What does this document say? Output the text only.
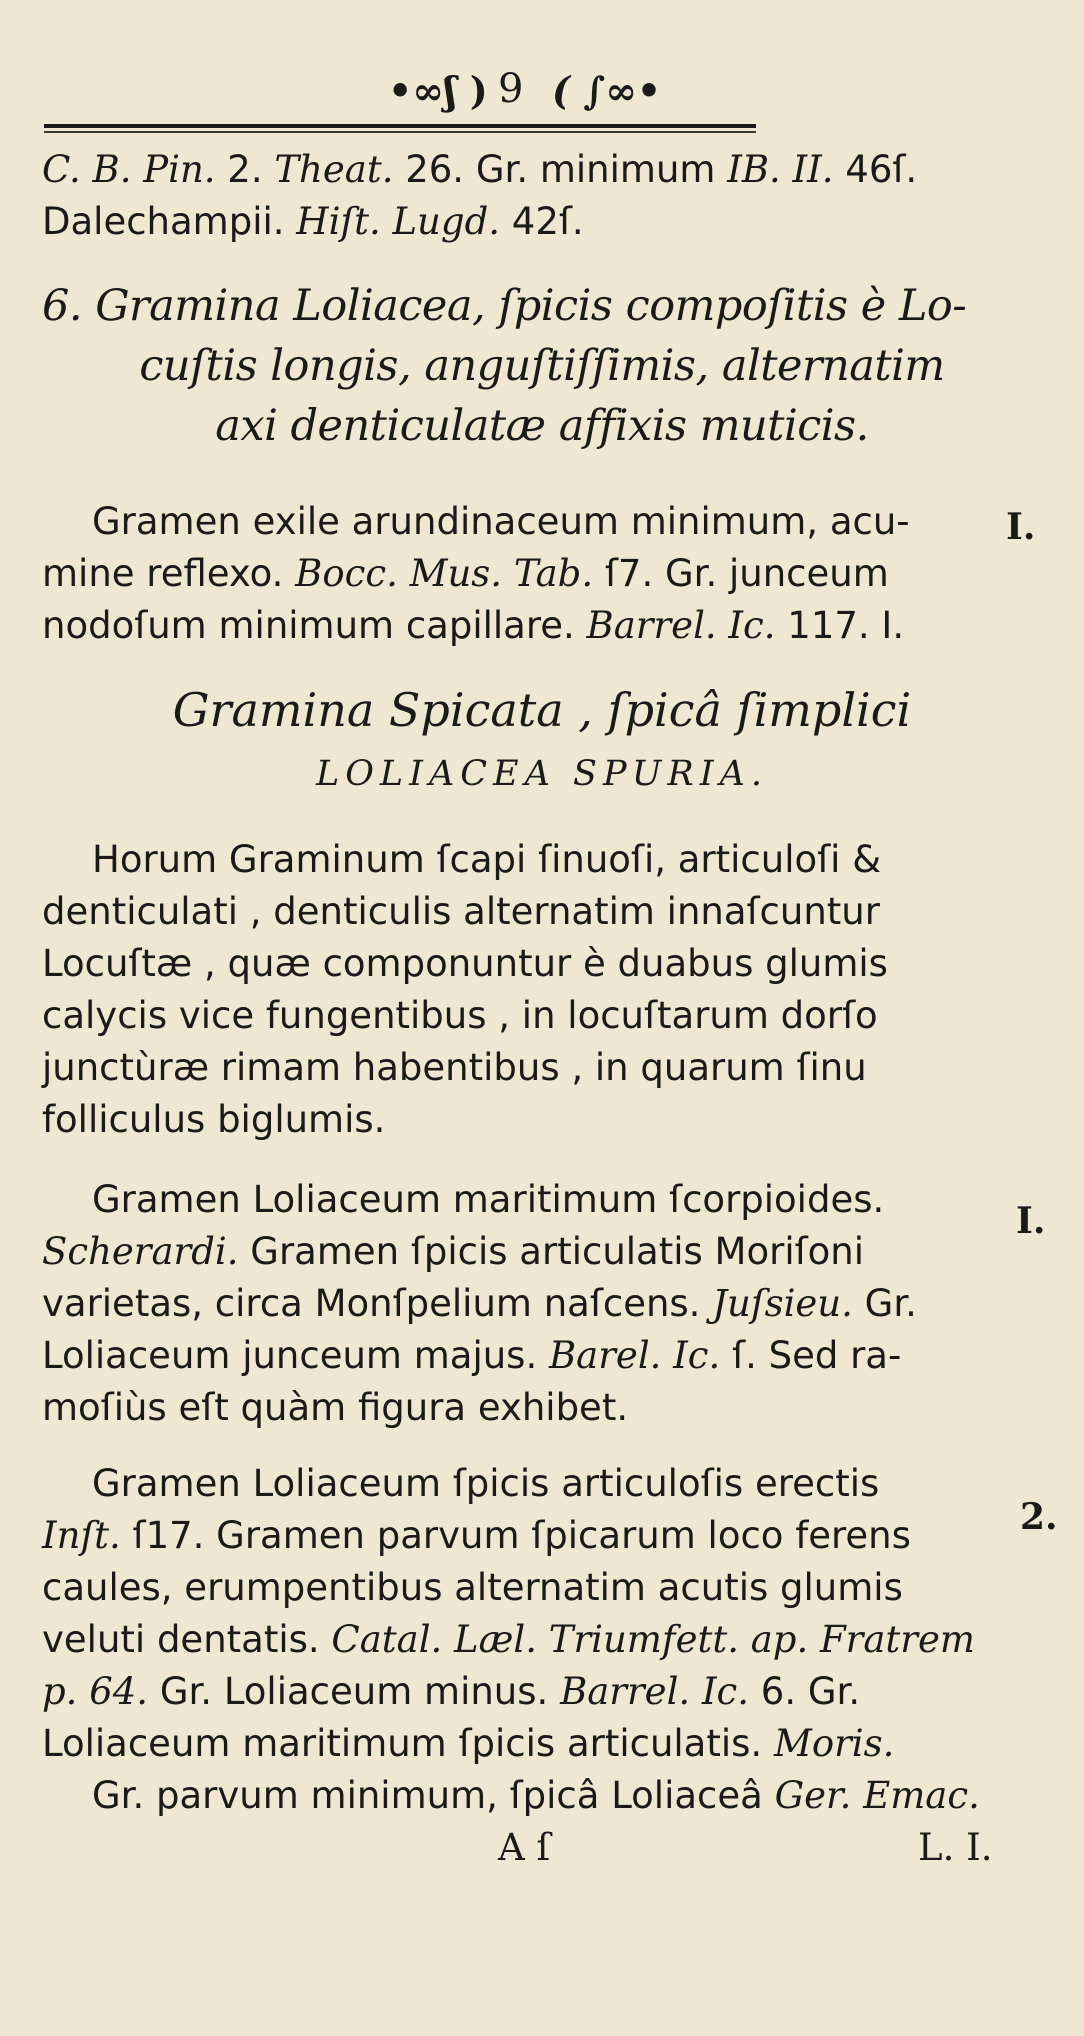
•∞ʃ ) 9 ( ∫∞•
C. B. Pin. 2. Theat. 26. Gr. minimum IB. II. 46ſ.
Dalechampii. Hiſt. Lugd. 42ſ.
6. Gramina Loliacea, ſpicis compoſitis è Lo-
cuſtis longis, anguſtiſſimis, alternatim
axi denticulatæ affixis muticis.
Gramen exile arundinaceum minimum, acu-	I.
mine reflexo. Bocc. Mus. Tab. ſ7. Gr. junceum
nodoſum minimum capillare. Barrel. Ic. 117. I.
Gramina Spicata , ſpicâ ſimplici
LOLIACEA SPURIA.
Horum Graminum ſcapi ſinuoſi, articuloſi &
denticulati , denticulis alternatim innaſcuntur
Locuſtæ , quæ componuntur è duabus glumis
calycis vice fungentibus , in locuſtarum dorſo
junctùræ rimam habentibus , in quarum ſinu
folliculus biglumis.
Gramen Loliaceum maritimum ſcorpioides.	I.
Scherardi. Gramen ſpicis articulatis Moriſoni
varietas, circa Monſpelium naſcens. Juſsieu. Gr.
Loliaceum junceum majus. Barel. Ic. ſ. Sed ra-
moſiùs eſt quàm figura exhibet.
Gramen Loliaceum ſpicis articuloſis erectis
2.
Inſt. ſ17. Gramen parvum ſpicarum loco ferens
caules, erumpentibus alternatim acutis glumis
veluti dentatis. Catal. Læl. Triumfett. ap. Fratrem
p. 64. Gr. Loliaceum minus. Barrel. Ic. 6. Gr.
Loliaceum maritimum ſpicis articulatis. Moris.
Gr. parvum minimum, ſpicâ Loliaceâ Ger. Emac.
A ſ	L. I.
